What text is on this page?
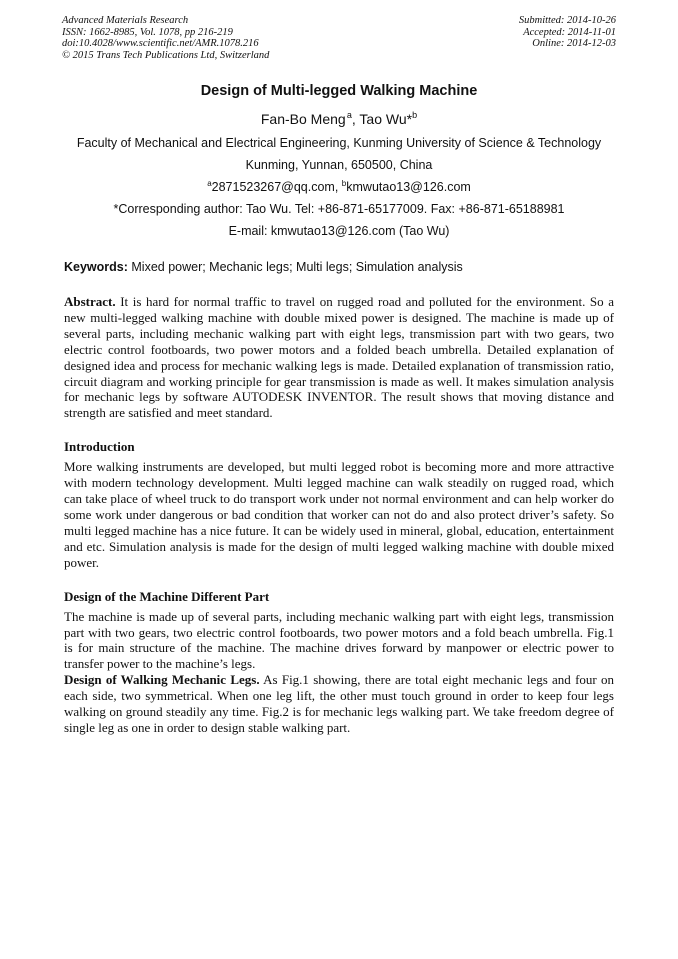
Advanced Materials Research
ISSN: 1662-8985, Vol. 1078, pp 216-219
doi:10.4028/www.scientific.net/AMR.1078.216
© 2015 Trans Tech Publications Ltd, Switzerland
Submitted: 2014-10-26
Accepted: 2014-11-01
Online: 2014-12-03
Design of Multi-legged Walking Machine
Fan-Bo Meng $^a$, Tao Wu*$^b$
Faculty of Mechanical and Electrical Engineering, Kunming University of Science & Technology
Kunming, Yunnan, 650500, China
$^a$2871523267@qq.com, $^b$kmwutao13@126.com
*Corresponding author: Tao Wu. Tel: +86-871-65177009. Fax: +86-871-65188981
E-mail: kmwutao13@126.com (Tao Wu)
Keywords: Mixed power; Mechanic legs; Multi legs; Simulation analysis

Abstract. It is hard for normal traffic to travel on rugged road and polluted for the environment. So a new multi-legged walking machine with double mixed power is designed. The machine is made up of several parts, including mechanic walking part with eight legs, transmission part with two gears, two electric control footboards, two power motors and a folded beach umbrella. Detailed explanation of designed idea and process for mechanic walking legs is made. Detailed explanation of transmission ratio, circuit diagram and working principle for gear transmission is made as well. It makes simulation analysis for mechanic legs by software AUTODESK INVENTOR. The result shows that moving distance and strength are satisfied and meet standard.

Introduction

More walking instruments are developed, but multi legged robot is becoming more and more attractive with modern technology development. Multi legged machine can walk steadily on rugged road, which can take place of wheel truck to do transport work under not normal environment and can help worker do some work under dangerous or bad condition that worker can not do and also protect driver’s safety. So multi legged machine has a nice future. It can be widely used in mineral, global, education, entertainment and etc. Simulation analysis is made for the design of multi legged walking machine with double mixed power.

Design of the Machine Different Part

The machine is made up of several parts, including mechanic walking part with eight legs, transmission part with two gears, two electric control footboards, two power motors and a fold beach umbrella. Fig.1 is for main structure of the machine. The machine drives forward by manpower or electric power to transfer power to the machine’s legs.

Design of Walking Mechanic Legs. As Fig.1 showing, there are total eight mechanic legs and four on each side, two symmetrical. When one leg lift, the other must touch ground in order to keep four legs walking on ground steadily any time. Fig.2 is for mechanic legs walking part. We take freedom degree of single leg as one in order to design stable walking part.
